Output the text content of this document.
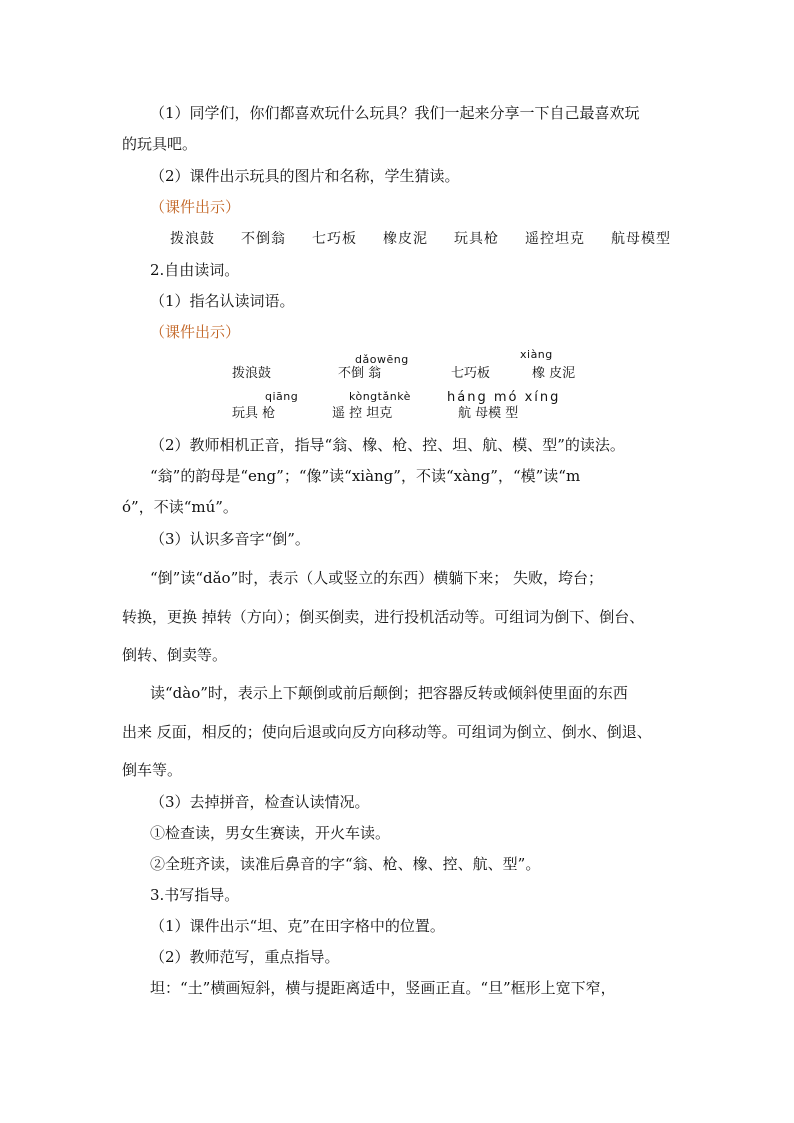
（1）同学们，你们都喜欢玩什么玩具？我们一起来分享一下自己最喜欢玩
的玩具吧。
（2）课件出示玩具的图片和名称，学生猜读。
（课件出示）
拨浪鼓 不倒翁 七巧板 橡皮泥 玩具枪 遥控坦克 航母模型
2.自由读词。
（1）指名认读词语。
（课件出示）
dǎowēng	xiàng
拨浪鼓	不倒 翁	七巧板	橡 皮泥
qiāng	kòngtǎnkè	háng mó xíng
玩具 枪	遥 控 坦克	航 母模 型
（2）教师相机正音，指导“翁、橡、枪、控、坦、航、模、型”的读法。
“翁”的韵母是“eng”；“像”读“xiàng”，不读“xàng”，“模”读“m
ó”，不读“mú”。
（3）认识多音字“倒”。
“倒”读“dǎo”时，表示（人或竖立的东西）横躺下来； 失败，垮台；
转换，更换 掉转（方向）；倒买倒卖，进行投机活动等。可组词为倒下、倒台、
倒转、倒卖等。
读“dào”时，表示上下颠倒或前后颠倒；把容器反转或倾斜使里面的东西
出来 反面，相反的；使向后退或向反方向移动等。可组词为倒立、倒水、倒退、
倒车等。
（3）去掉拼音，检查认读情况。
①检查读，男女生赛读，开火车读。
②全班齐读，读准后鼻音的字“翁、枪、橡、控、航、型”。
3.书写指导。
（1）课件出示“坦、克”在田字格中的位置。
（2）教师范写，重点指导。
坦：“土”横画短斜，横与提距离适中，竖画正直。“旦”框形上宽下窄，
